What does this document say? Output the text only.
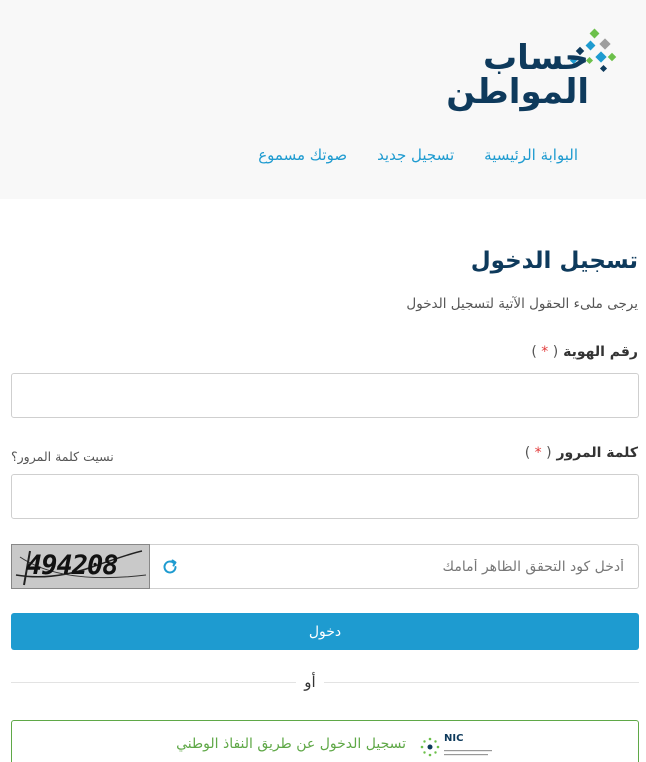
حساب
المواطن
البوابة الرئيسية
تسجيل جديد
صوتك مسموع
تسجيل الدخول

يرجى ملىء الحقول الآتية لتسجيل الدخول

رقم الهوية ( * )
كلمة المرور ( * )
نسيت كلمة المرور؟
أدخل كود التحقق الظاهر أمامك
494208
دخول
أو
تسجيل الدخول عن طريق النفاذ الوطني	NIC
